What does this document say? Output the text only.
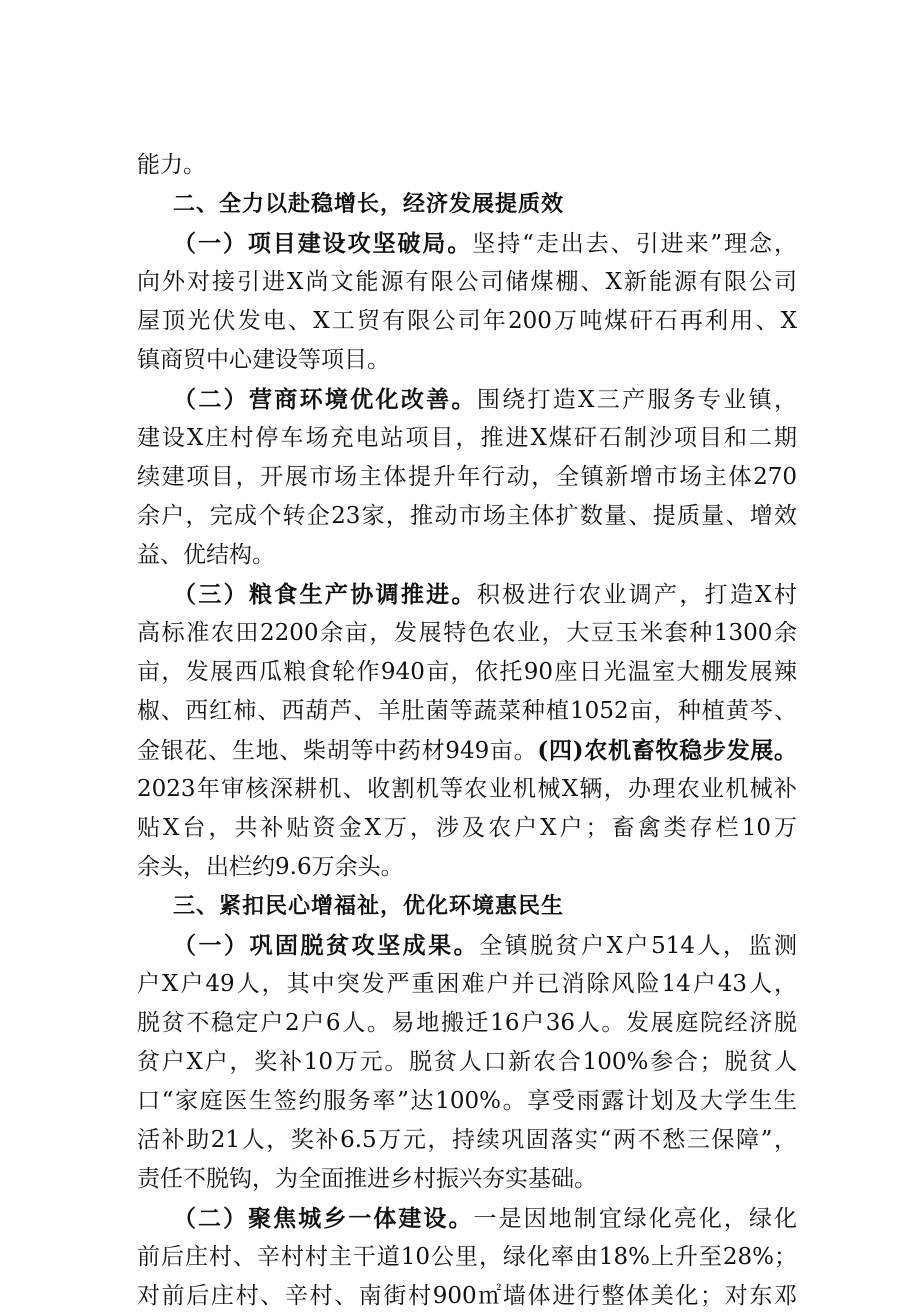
能力。
二、全力以赴稳增长，经济发展提质效
（一）项目建设攻坚破局。坚持“走出去、引进来”理念，
向外对接引进X尚文能源有限公司储煤棚、X新能源有限公司
屋顶光伏发电、X工贸有限公司年200万吨煤矸石再利用、X
镇商贸中心建设等项目。
（二）营商环境优化改善。围绕打造X三产服务专业镇，
建设X庄村停车场充电站项目，推进X煤矸石制沙项目和二期
续建项目，开展市场主体提升年行动，全镇新增市场主体270
余户，完成个转企23家，推动市场主体扩数量、提质量、增效
益、优结构。
（三）粮食生产协调推进。积极进行农业调产，打造X村
高标准农田2200余亩，发展特色农业，大豆玉米套种1300余
亩，发展西瓜粮食轮作940亩，依托90座日光温室大棚发展辣
椒、西红柿、西葫芦、羊肚菌等蔬菜种植1052亩，种植黄芩、
金银花、生地、柴胡等中药材949亩。(四)农机畜牧稳步发展。
2023年审核深耕机、收割机等农业机械X辆，办理农业机械补
贴X台，共补贴资金X万，涉及农户X户；畜禽类存栏10万
余头，出栏约9.6万余头。
三、紧扣民心增福祉，优化环境惠民生
（一）巩固脱贫攻坚成果。全镇脱贫户X户514人，监测
户X户49人，其中突发严重困难户并已消除风险14户43人，
脱贫不稳定户2户6人。易地搬迁16户36人。发展庭院经济脱
贫户X户，奖补10万元。脱贫人口新农合100%参合；脱贫人
口“家庭医生签约服务率”达100%。享受雨露计划及大学生生
活补助21人，奖补6.5万元，持续巩固落实“两不愁三保障”，
责任不脱钩，为全面推进乡村振兴夯实基础。
（二）聚焦城乡一体建设。一是因地制宜绿化亮化，绿化
前后庄村、辛村村主干道10公里，绿化率由18%上升至28%；
对前后庄村、辛村、南街村900㎡墙体进行整体美化；对东邓
